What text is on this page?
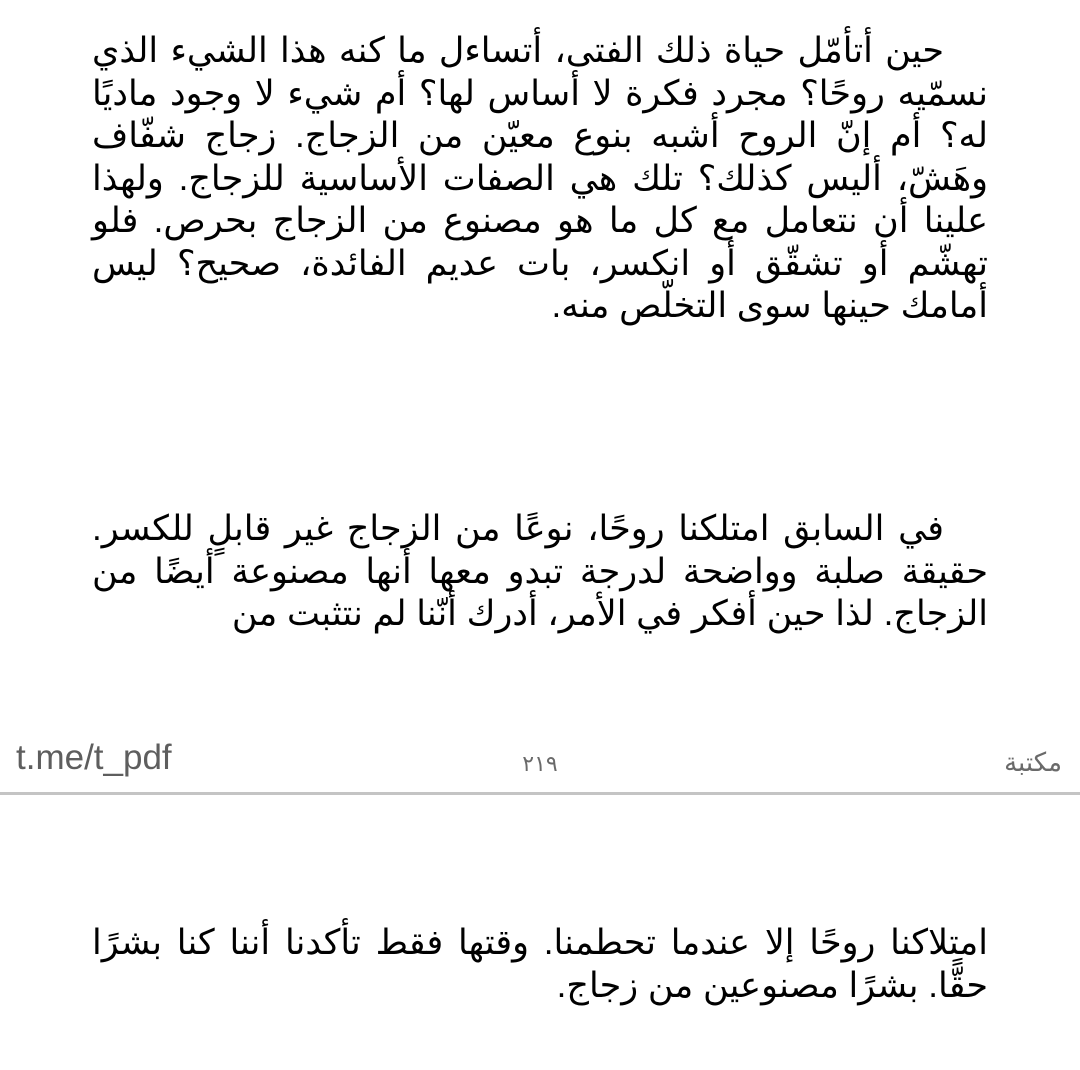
حين أتأمّل حياة ذلك الفتى، أتساءل ما كنه هذا الشيء الذي نسمّيه روحًا؟ مجرد فكرة لا أساس لها؟ أم شيء لا وجود ماديًا له؟ أم إنّ الروح أشبه بنوع معيّن من الزجاج. زجاج شفّاف وهَشّ، أليس كذلك؟ تلك هي الصفات الأساسية للزجاج. ولهذا علينا أن نتعامل مع كل ما هو مصنوع من الزجاج بحرص. فلو تهشّم أو تشقّق أو انكسر، بات عديم الفائدة، صحيح؟ ليس أمامك حينها سوى التخلّص منه.

في السابق امتلكنا روحًا، نوعًا من الزجاج غير قابلٍ للكسر. حقيقة صلبة وواضحة لدرجة تبدو معها أنها مصنوعة أيضًا من الزجاج. لذا حين أفكر في الأمر، أدرك أنّنا لم نتثبت من

t.me/t_pdf	٢١٩	مكتبة

امتلاكنا روحًا إلا عندما تحطمنا. وقتها فقط تأكدنا أننا كنا بشرًا حقًّا. بشرًا مصنوعين من زجاج.
